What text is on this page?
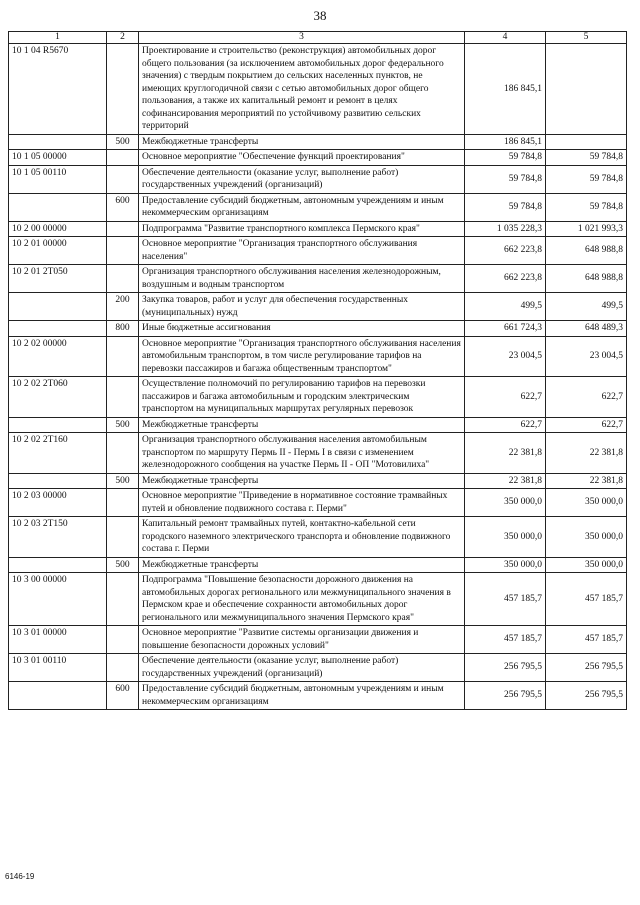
38
1	2	3	4	5
10 1 04 R5670		Проектирование и строительство (реконструкция) автомобильных дорог общего пользования (за исключением автомобильных дорог федерального значения) с твердым покрытием до сельских населенных пунктов, не имеющих круглогодичной связи с сетью автомобильных дорог общего пользования, а также их капитальный ремонт и ремонт в целях софинансирования мероприятий по устойчивому развитию сельских территорий	186 845,1	
	500	Межбюджетные трансферты	186 845,1	
10 1 05 00000		Основное мероприятие "Обеспечение функций проектирования"	59 784,8	59 784,8
10 1 05 00110		Обеспечение деятельности (оказание услуг, выполнение работ) государственных учреждений (организаций)	59 784,8	59 784,8
	600	Предоставление субсидий бюджетным, автономным учреждениям и иным некоммерческим организациям	59 784,8	59 784,8
10 2 00 00000		Подпрограмма "Развитие транспортного комплекса Пермского края"	1 035 228,3	1 021 993,3
10 2 01 00000		Основное мероприятие "Организация транспортного обслуживания населения"	662 223,8	648 988,8
10 2 01 2T050		Организация транспортного обслуживания населения железнодорожным, воздушным и водным транспортом	662 223,8	648 988,8
	200	Закупка товаров, работ и услуг для обеспечения государственных (муниципальных) нужд	499,5	499,5
	800	Иные бюджетные ассигнования	661 724,3	648 489,3
10 2 02 00000		Основное мероприятие "Организация транспортного обслуживания населения автомобильным транспортом, в том числе регулирование тарифов на перевозки пассажиров и багажа общественным транспортом"	23 004,5	23 004,5
10 2 02 2T060		Осуществление полномочий по регулированию тарифов на перевозки пассажиров и багажа автомобильным и городским электрическим транспортом на муниципальных маршрутах регулярных перевозок	622,7	622,7
	500	Межбюджетные трансферты	622,7	622,7
10 2 02 2T160		Организация транспортного обслуживания населения автомобильным транспортом по маршруту Пермь II - Пермь I в связи с изменением железнодорожного сообщения на участке Пермь II - ОП "Мотовилиха"	22 381,8	22 381,8
	500	Межбюджетные трансферты	22 381,8	22 381,8
10 2 03 00000		Основное мероприятие "Приведение в нормативное состояние трамвайных путей и обновление подвижного состава г. Перми"	350 000,0	350 000,0
10 2 03 2T150		Капитальный ремонт трамвайных путей, контактно-кабельной сети городского наземного электрического транспорта и обновление подвижного состава г. Перми	350 000,0	350 000,0
	500	Межбюджетные трансферты	350 000,0	350 000,0
10 3 00 00000		Подпрограмма "Повышение безопасности дорожного движения на автомобильных дорогах регионального или межмуниципального значения в Пермском крае и обеспечение сохранности автомобильных дорог регионального или межмуниципального значения Пермского края"	457 185,7	457 185,7
10 3 01 00000		Основное мероприятие "Развитие системы организации движения и повышение безопасности дорожных условий"	457 185,7	457 185,7
10 3 01 00110		Обеспечение деятельности (оказание услуг, выполнение работ) государственных учреждений (организаций)	256 795,5	256 795,5
	600	Предоставление субсидий бюджетным, автономным учреждениям и иным некоммерческим организациям	256 795,5	256 795,5
6146-19
